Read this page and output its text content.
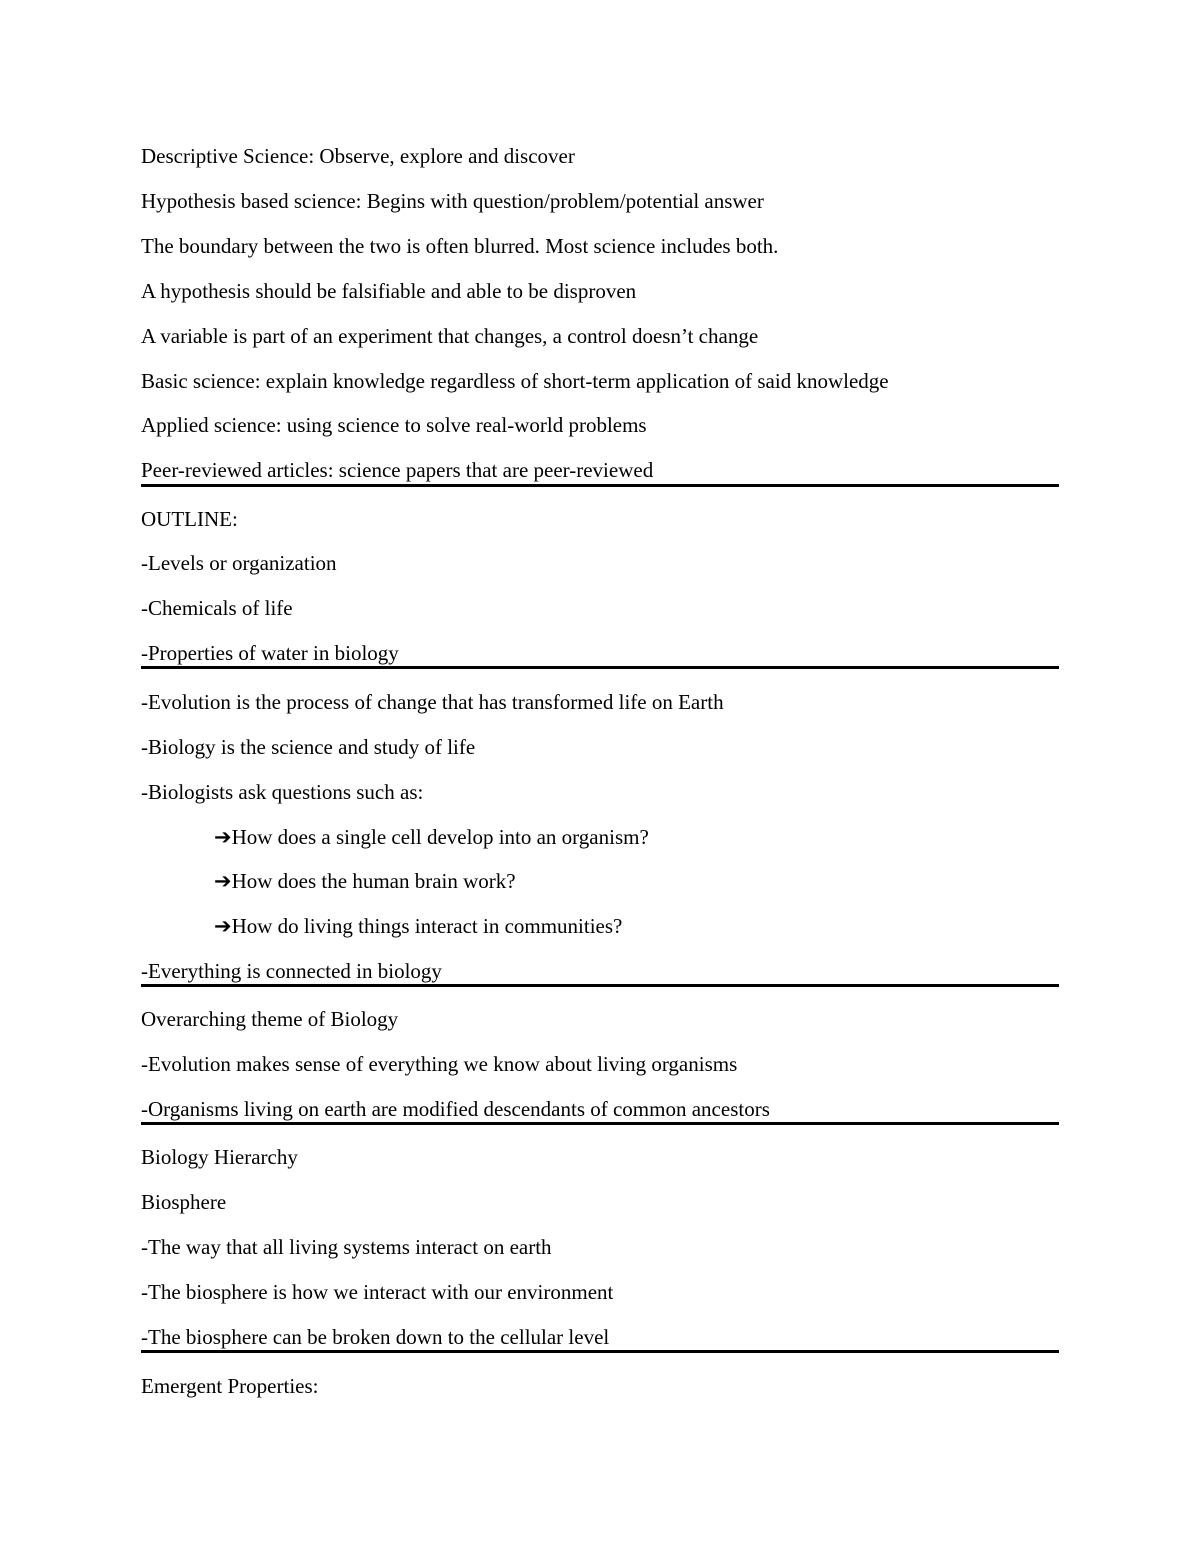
Descriptive Science: Observe, explore and discover
Hypothesis based science: Begins with question/problem/potential answer
The boundary between the two is often blurred. Most science includes both.
A hypothesis should be falsifiable and able to be disproven
A variable is part of an experiment that changes, a control doesn’t change
Basic science: explain knowledge regardless of short-term application of said knowledge
Applied science: using science to solve real-world problems
Peer-reviewed articles: science papers that are peer-reviewed
OUTLINE:
-Levels or organization
-Chemicals of life
-Properties of water in biology
-Evolution is the process of change that has transformed life on Earth
-Biology is the science and study of life
-Biologists ask questions such as:
➔How does a single cell develop into an organism?
➔How does the human brain work?
➔How do living things interact in communities?
-Everything is connected in biology
Overarching theme of Biology
-Evolution makes sense of everything we know about living organisms
-Organisms living on earth are modified descendants of common ancestors
Biology Hierarchy
Biosphere
-The way that all living systems interact on earth
-The biosphere is how we interact with our environment
-The biosphere can be broken down to the cellular level
Emergent Properties:
